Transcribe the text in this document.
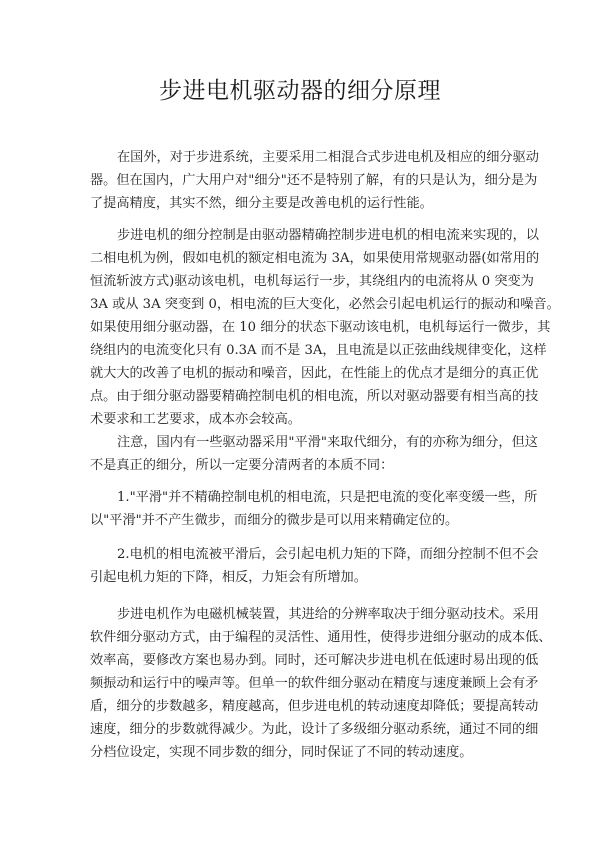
步进电机驱动器的细分原理
在国外，对于步进系统，主要采用二相混合式步进电机及相应的细分驱动
器。但在国内，广大用户对"细分"还不是特别了解，有的只是认为，细分是为
了提高精度，其实不然，细分主要是改善电机的运行性能。
步进电机的细分控制是由驱动器精确控制步进电机的相电流来实现的，以
二相电机为例，假如电机的额定相电流为 3A，如果使用常规驱动器(如常用的
恒流斩波方式)驱动该电机，电机每运行一步，其绕组内的电流将从 0 突变为
3A 或从 3A 突变到 0，相电流的巨大变化，必然会引起电机运行的振动和噪音。
如果使用细分驱动器，在 10 细分的状态下驱动该电机，电机每运行一微步，其
绕组内的电流变化只有 0.3A 而不是 3A，且电流是以正弦曲线规律变化，这样
就大大的改善了电机的振动和噪音，因此，在性能上的优点才是细分的真正优
点。由于细分驱动器要精确控制电机的相电流，所以对驱动器要有相当高的技
术要求和工艺要求，成本亦会较高。
注意，国内有一些驱动器采用"平滑"来取代细分，有的亦称为细分，但这
不是真正的细分，所以一定要分清两者的本质不同：
1."平滑"并不精确控制电机的相电流，只是把电流的变化率变缓一些，所
以"平滑"并不产生微步，而细分的微步是可以用来精确定位的。
2.电机的相电流被平滑后，会引起电机力矩的下降，而细分控制不但不会
引起电机力矩的下降，相反，力矩会有所增加。
步进电机作为电磁机械装置，其进给的分辨率取决于细分驱动技术。采用
软件细分驱动方式，由于编程的灵活性、通用性，使得步进细分驱动的成本低、
效率高，要修改方案也易办到。同时，还可解决步进电机在低速时易出现的低
频振动和运行中的噪声等。但单一的软件细分驱动在精度与速度兼顾上会有矛
盾，细分的步数越多，精度越高，但步进电机的转动速度却降低；要提高转动
速度，细分的步数就得减少。为此，设计了多级细分驱动系统，通过不同的细
分档位设定，实现不同步数的细分，同时保证了不同的转动速度。
